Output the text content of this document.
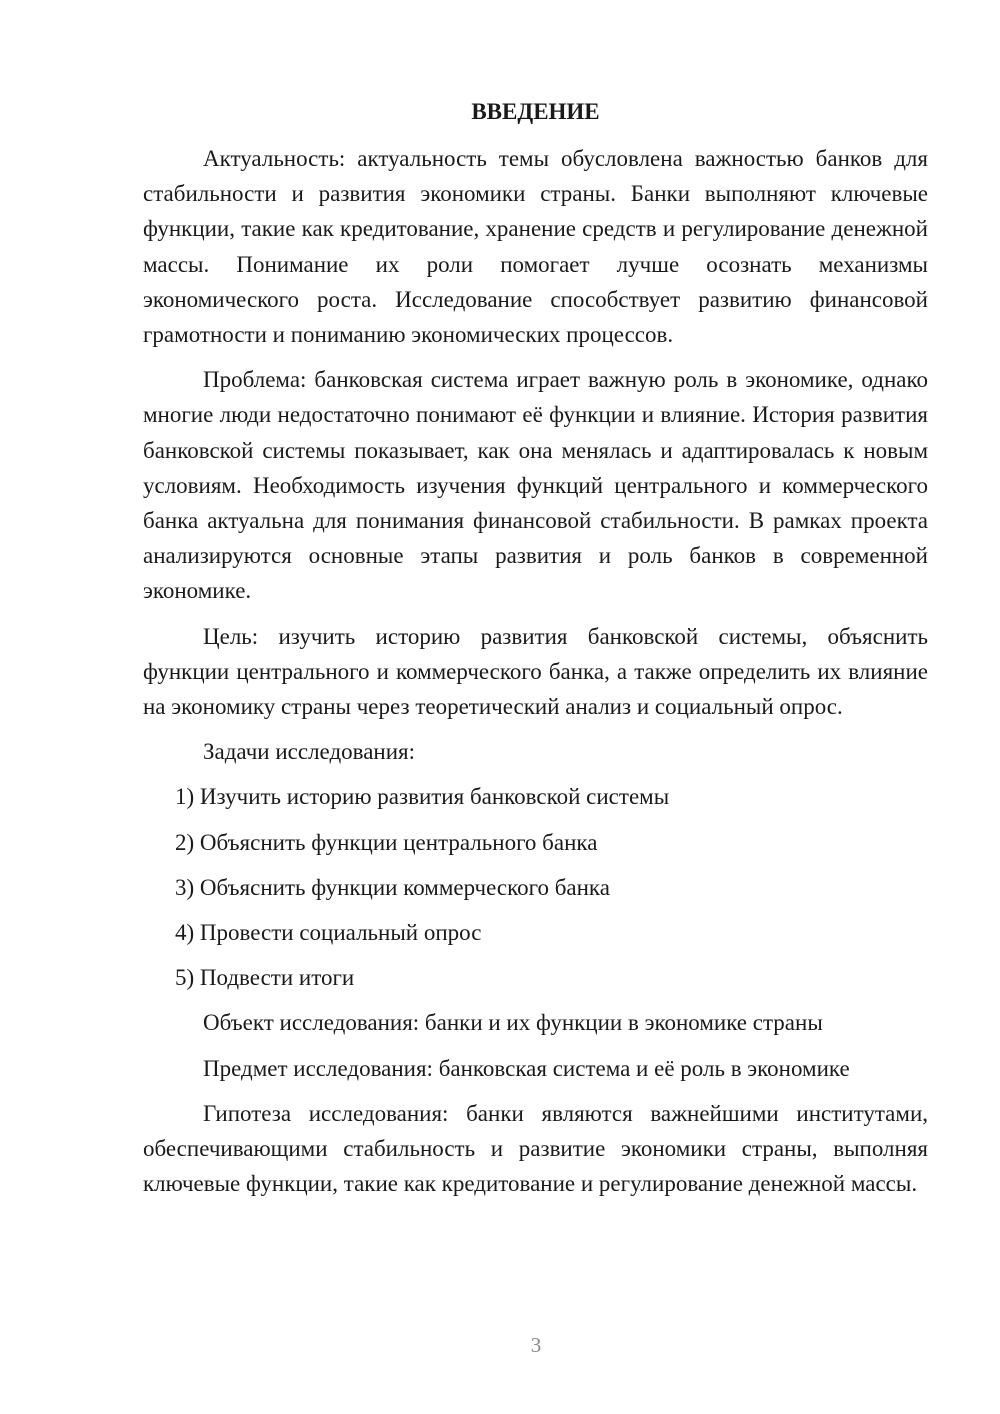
ВВЕДЕНИЕ

Актуальность: актуальность темы обусловлена важностью банков для стабильности и развития экономики страны. Банки выполняют ключевые функции, такие как кредитование, хранение средств и регулирование денежной массы. Понимание их роли помогает лучше осознать механизмы экономического роста. Исследование способствует развитию финансовой грамотности и пониманию экономических процессов.

Проблема: банковская система играет важную роль в экономике, однако многие люди недостаточно понимают её функции и влияние. История развития банковской системы показывает, как она менялась и адаптировалась к новым условиям. Необходимость изучения функций центрального и коммерческого банка актуальна для понимания финансовой стабильности. В рамках проекта анализируются основные этапы развития и роль банков в современной экономике.

Цель: изучить историю развития банковской системы, объяснить функции центрального и коммерческого банка, а также определить их влияние на экономику страны через теоретический анализ и социальный опрос.

Задачи исследования:
1) Изучить историю развития банковской системы
2) Объяснить функции центрального банка
3) Объяснить функции коммерческого банка
4) Провести социальный опрос
5) Подвести итоги
Объект исследования: банки и их функции в экономике страны
Предмет исследования: банковская система и её роль в экономике

Гипотеза исследования: банки являются важнейшими институтами, обеспечивающими стабильность и развитие экономики страны, выполняя ключевые функции, такие как кредитование и регулирование денежной массы.

3
